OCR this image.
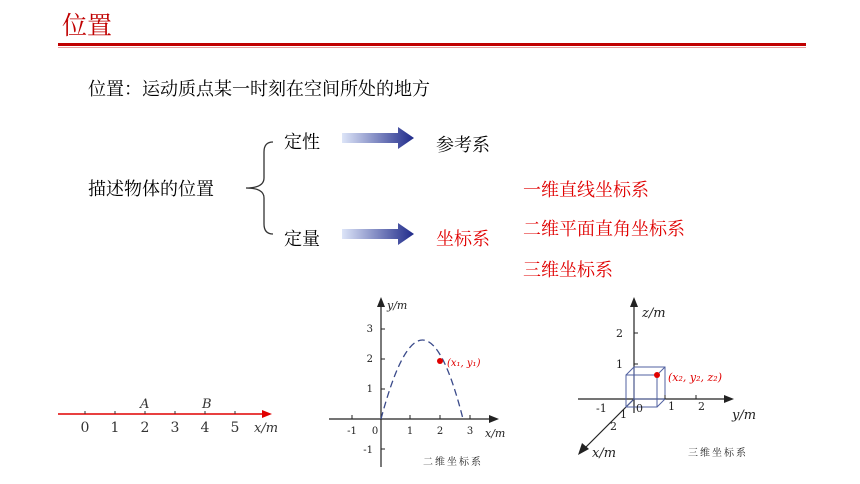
位置
位置：运动质点某一时刻在空间所处的地方
描述物体的位置
定性
定量
参考系
坐标系
一维直线坐标系
二维平面直角坐标系
三维坐标系
0 1 2 3 4 5 x/m
A	B
-1 0	1 2 3
3
2
1
-1
y/m
x/m
(x₁, y₁)
二维坐标系
2
1
-1	0 1 2
1
2
z/m
y/m
x/m
(x₂, y₂, z₂)
三维坐标系
